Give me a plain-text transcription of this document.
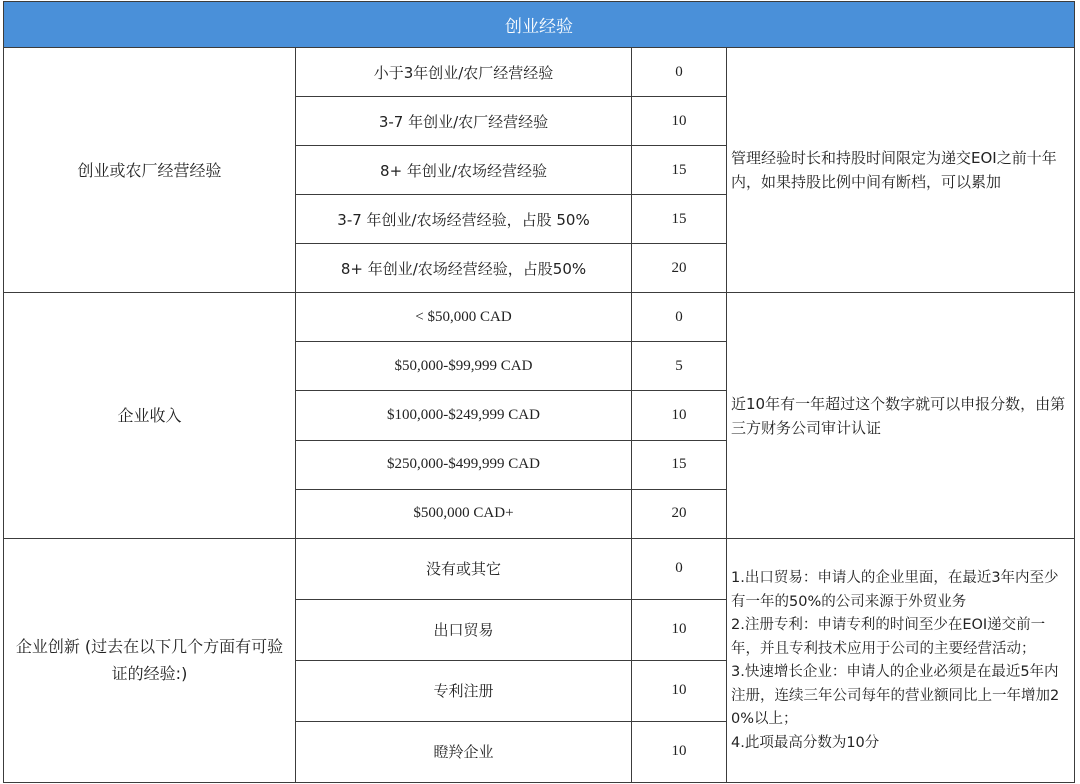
创业经验			
创业或农厂经营经验	小于3年创业/农厂经营经验	0	管理经验时长和持股时间限定为递交EOI之前十年内，如果持股比例中间有断档，可以累加
	3-7 年创业/农厂经营经验	10	
	8+ 年创业/农场经营经验	15	
	3-7 年创业/农场经营经验，占股 50%	15	
	8+ 年创业/农场经营经验，占股50%	20	
企业收入	< $50,000 CAD	0	近10年有一年超过这个数字就可以申报分数，由第三方财务公司审计认证
	$50,000-$99,999 CAD	5	
	$100,000-$249,999 CAD	10	
	$250,000-$499,999 CAD	15	
	$500,000 CAD+	20	
企业创新 (过去在以下几个方面有可验证的经验:)	没有或其它	0	1.出口贸易：申请人的企业里面，在最近3年内至少有一年的50%的公司来源于外贸业务
2.注册专利：申请专利的时间至少在EOI递交前一年，并且专利技术应用于公司的主要经营活动；
3.快速增长企业：申请人的企业必须是在最近5年内注册，连续三年公司每年的营业额同比上一年增加20%以上；
4.此项最高分数为10分

	出口贸易	10	
	专利注册	10	
	瞪羚企业	10	
